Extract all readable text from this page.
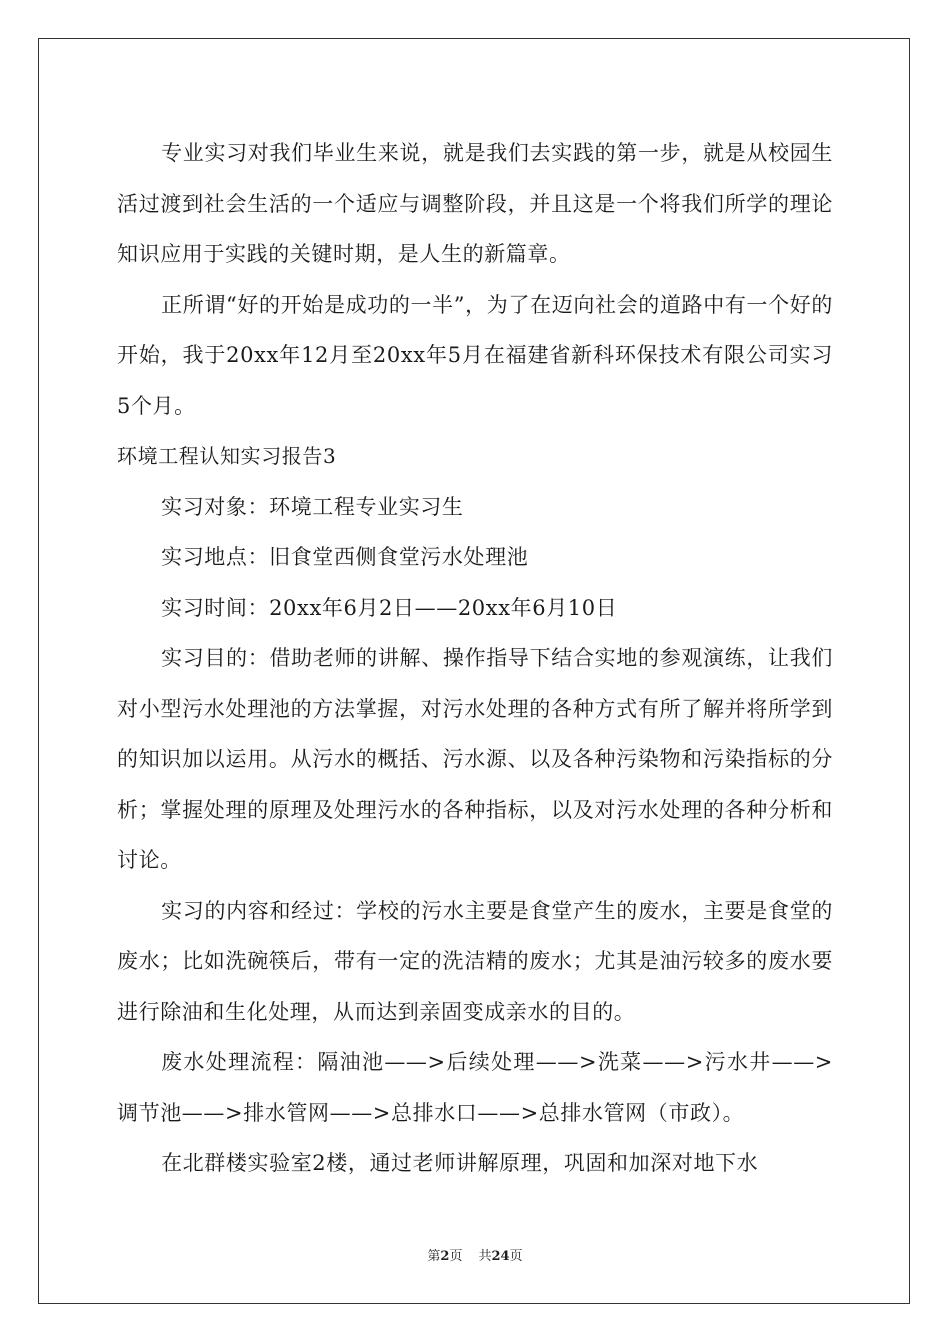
专业实习对我们毕业生来说，就是我们去实践的第一步，就是从校园生活过渡到社会生活的一个适应与调整阶段，并且这是一个将我们所学的理论知识应用于实践的关键时期，是人生的新篇章。

正所谓“好的开始是成功的一半”，为了在迈向社会的道路中有一个好的开始，我于20xx年12月至20xx年5月在福建省新科环保技术有限公司实习5个月。

环境工程认知实习报告3

实习对象：环境工程专业实习生

实习地点：旧食堂西侧食堂污水处理池

实习时间：20xx年6月2日——20xx年6月10日

实习目的：借助老师的讲解、操作指导下结合实地的参观演练，让我们对小型污水处理池的方法掌握，对污水处理的各种方式有所了解并将所学到的知识加以运用。从污水的概括、污水源、以及各种污染物和污染指标的分析；掌握处理的原理及处理污水的各种指标，以及对污水处理的各种分析和讨论。

实习的内容和经过：学校的污水主要是食堂产生的废水，主要是食堂的废水；比如洗碗筷后，带有一定的洗洁精的废水；尤其是油污较多的废水要进行除油和生化处理，从而达到亲固变成亲水的目的。

废水处理流程：隔油池——>后续处理——>洗菜——>污水井——>调节池——>排水管网——>总排水口——>总排水管网（市政）。

在北群楼实验室2楼，通过老师讲解原理，巩固和加深对地下水

第2页 共24页
